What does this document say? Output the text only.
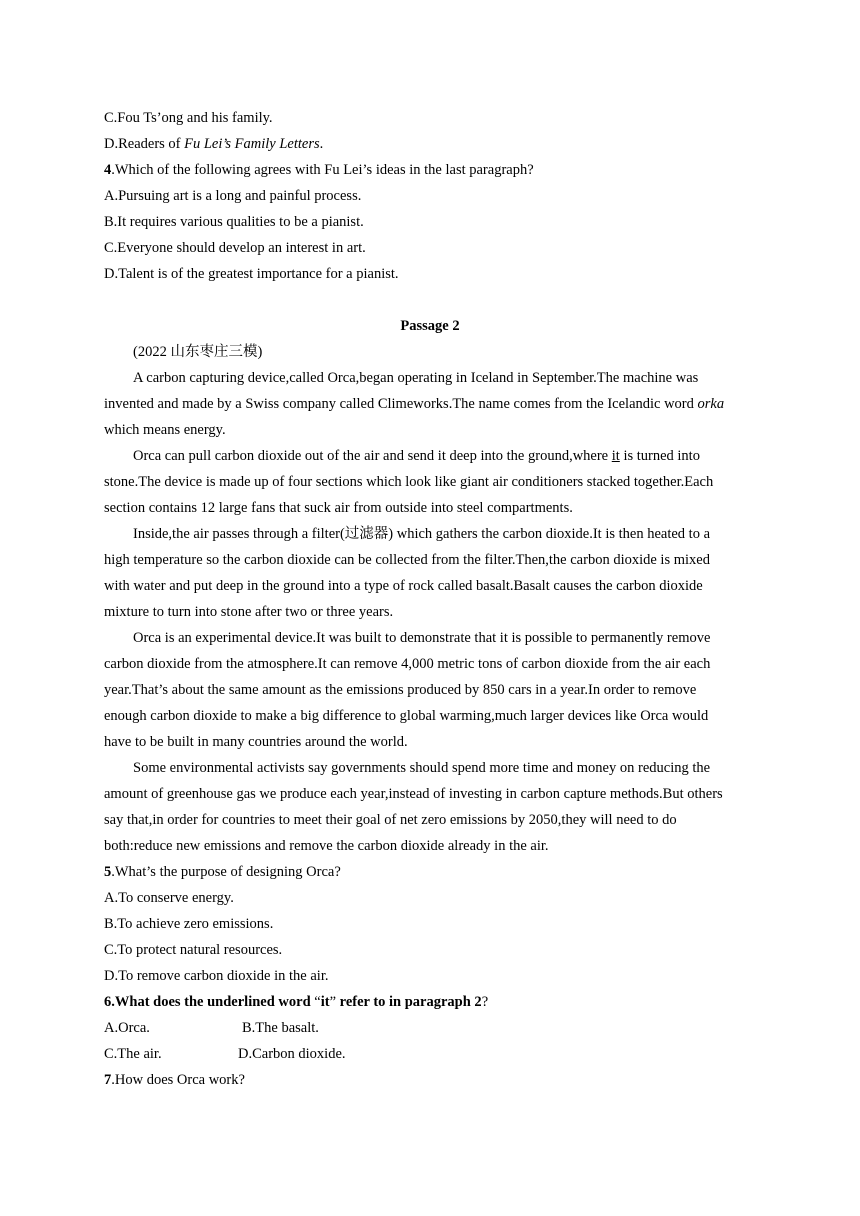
C.Fou Ts’ong and his family.
D.Readers of Fu Lei’s Family Letters.
4.Which of the following agrees with Fu Lei’s ideas in the last paragraph?
A.Pursuing art is a long and painful process.
B.It requires various qualities to be a pianist.
C.Everyone should develop an interest in art.
D.Talent is of the greatest importance for a pianist.
Passage 2
(2022 山东枣庄三模)
A carbon capturing device,called Orca,began operating in Iceland in September.The machine was
invented and made by a Swiss company called Climeworks.The name comes from the Icelandic word orka
which means energy.
Orca can pull carbon dioxide out of the air and send it deep into the ground,where it is turned into
stone.The device is made up of four sections which look like giant air conditioners stacked together.Each
section contains 12 large fans that suck air from outside into steel compartments.
Inside,the air passes through a filter(过滤器) which gathers the carbon dioxide.It is then heated to a
high temperature so the carbon dioxide can be collected from the filter.Then,the carbon dioxide is mixed
with water and put deep in the ground into a type of rock called basalt.Basalt causes the carbon dioxide
mixture to turn into stone after two or three years.
Orca is an experimental device.It was built to demonstrate that it is possible to permanently remove
carbon dioxide from the atmosphere.It can remove 4,000 metric tons of carbon dioxide from the air each
year.That’s about the same amount as the emissions produced by 850 cars in a year.In order to remove
enough carbon dioxide to make a big difference to global warming,much larger devices like Orca would
have to be built in many countries around the world.
Some environmental activists say governments should spend more time and money on reducing the
amount of greenhouse gas we produce each year,instead of investing in carbon capture methods.But others
say that,in order for countries to meet their goal of net zero emissions by 2050,they will need to do
both:reduce new emissions and remove the carbon dioxide already in the air.
5.What’s the purpose of designing Orca?
A.To conserve energy.
B.To achieve zero emissions.
C.To protect natural resources.
D.To remove carbon dioxide in the air.
6.What does the underlined word “it” refer to in paragraph 2?
A.Orca.	B.The basalt.
C.The air.	D.Carbon dioxide.
7.How does Orca work?
